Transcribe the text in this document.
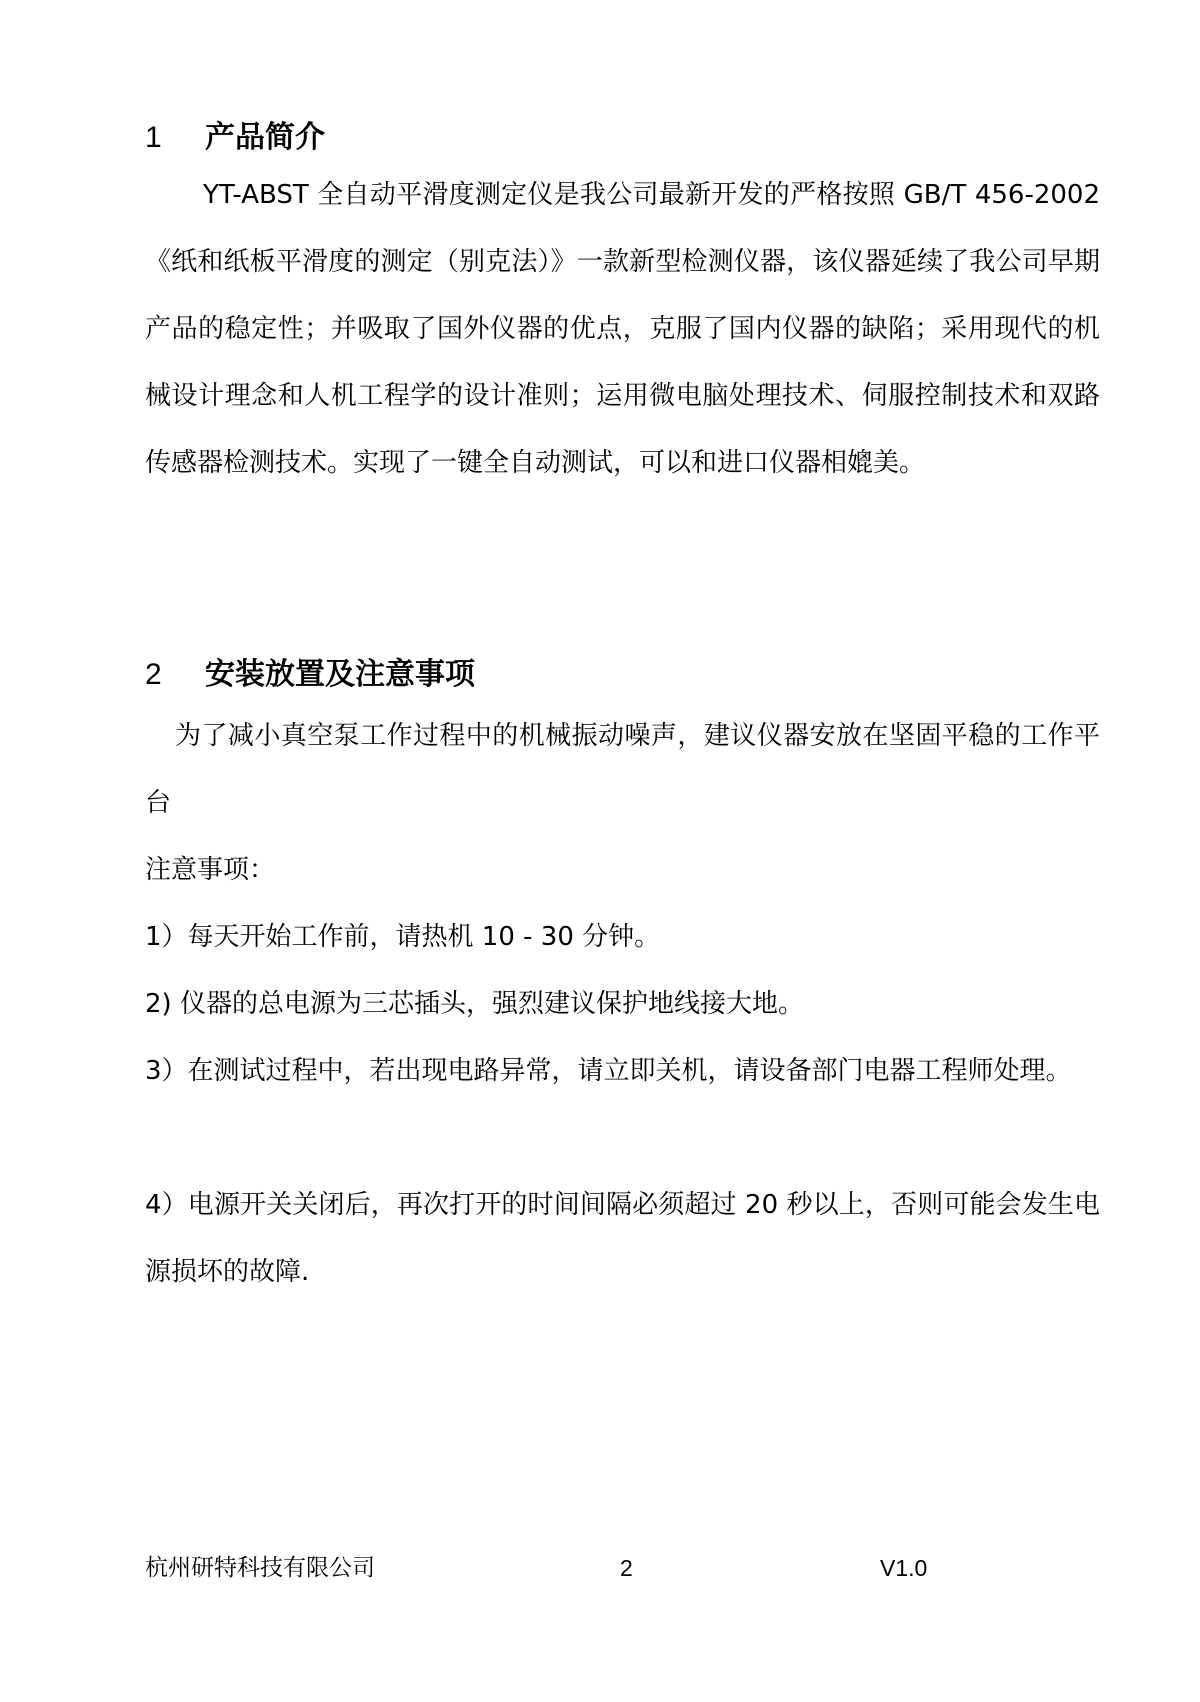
1 产品简介
YT-ABST 全自动平滑度测定仪是我公司最新开发的严格按照 GB/T 456-2002 《纸和纸板平滑度的测定（别克法）》一款新型检测仪器，该仪器延续了我公司早期产品的稳定性；并吸取了国外仪器的优点，克服了国内仪器的缺陷；采用现代的机械设计理念和人机工程学的设计准则；运用微电脑处理技术、伺服控制技术和双路传感器检测技术。实现了一键全自动测试，可以和进口仪器相媲美。
2 安装放置及注意事项
为了减小真空泵工作过程中的机械振动噪声，建议仪器安放在坚固平稳的工作平台
注意事项：
1）每天开始工作前，请热机 10 - 30 分钟。
2) 仪器的总电源为三芯插头，强烈建议保护地线接大地。
3）在测试过程中，若出现电路异常，请立即关机，请设备部门电器工程师处理。
4）电源开关关闭后，再次打开的时间间隔必须超过 20 秒以上，否则可能会发生电源损坏的故障.
杭州研特科技有限公司	2	V1.0
